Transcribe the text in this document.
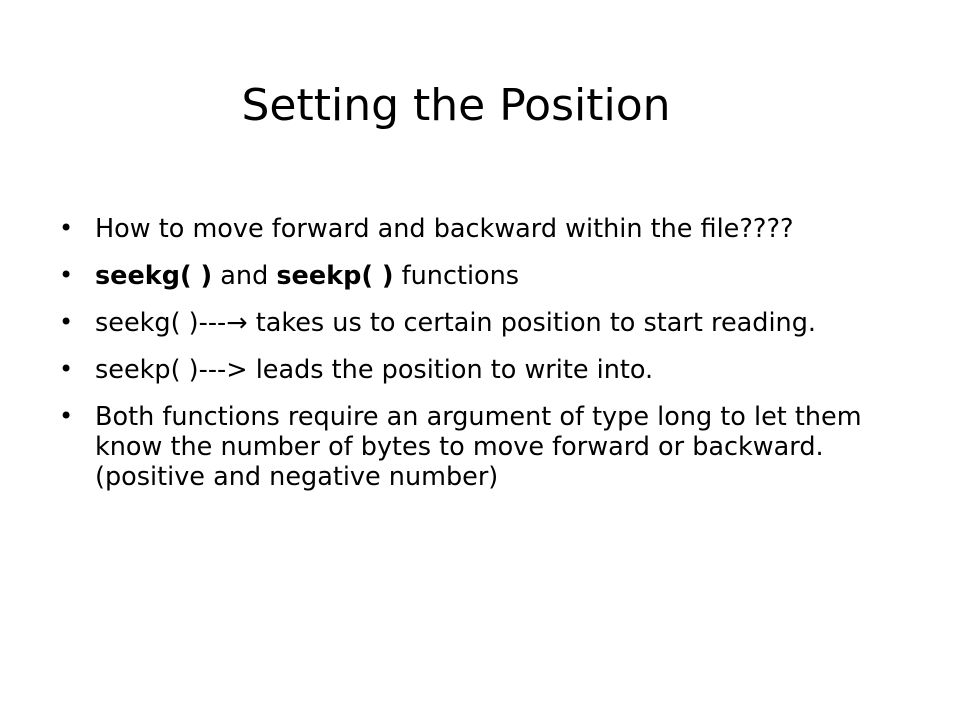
Setting the Position
• How to move forward and backward within the file????
• seekg( ) and seekp( ) functions
• seekg( )---→ takes us to certain position to start reading.
• seekp( )---> leads the position to write into.
• Both functions require an argument of type long to let them know the number of bytes to move forward or backward. (positive and negative number)
